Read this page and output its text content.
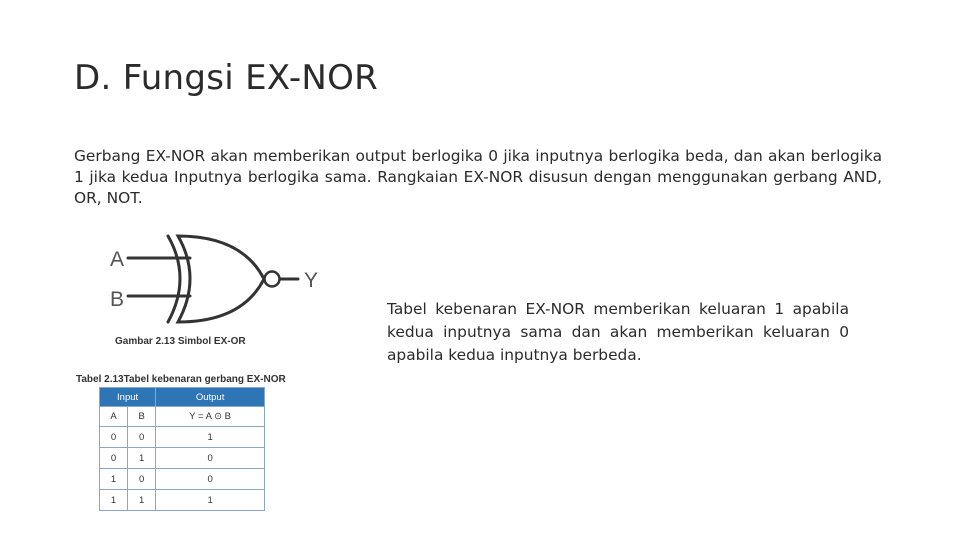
D. Fungsi EX-NOR

Gerbang EX-NOR akan memberikan output berlogika 0 jika inputnya berlogika beda, dan akan berlogika 1 jika kedua Inputnya berlogika sama. Rangkaian EX-NOR disusun dengan menggunakan gerbang AND, OR, NOT.

A
B
Y
Gambar 2.13 Simbol EX-OR
Tabel 2.13Tabel kebenaran gerbang EX-NOR
Input		Output
A	B	Y = A ⊙ B
0	0	1
0	1	0
1	0	0
1	1	1

Tabel kebenaran EX-NOR memberikan keluaran 1 apabila kedua inputnya sama dan akan memberikan keluaran 0 apabila kedua inputnya berbeda.
